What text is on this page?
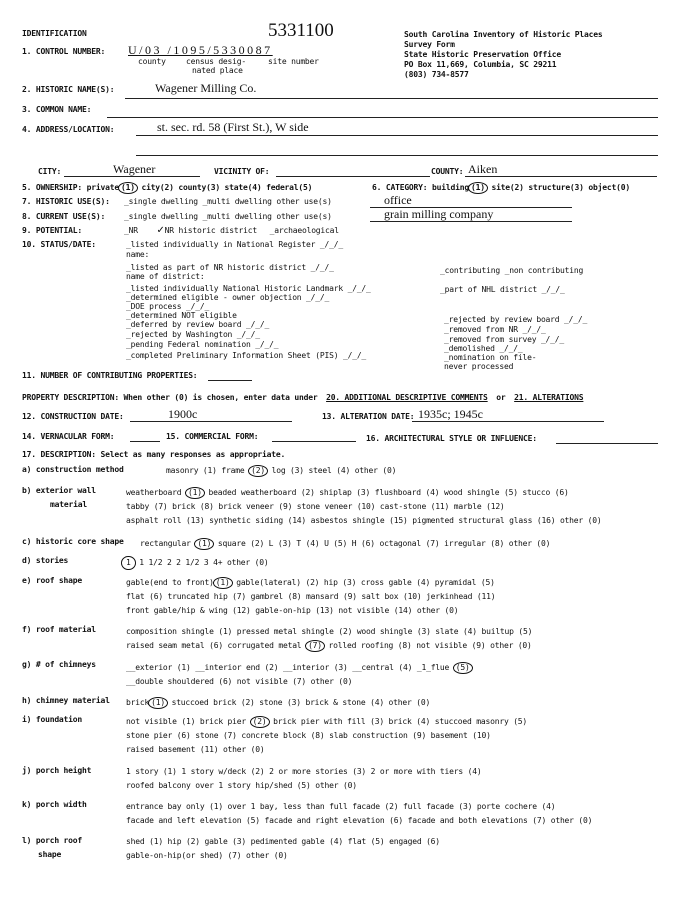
5331100
IDENTIFICATION	South Carolina Inventory of Historic Places
Survey Form
State Historic Preservation Office
PO Box 11,669, Columbia, SC 29211
(803) 734-8577
1. CONTROL NUMBER: U/03 /1095/5330087
county	census desig-
nated place
site number
2. HISTORIC NAME(S):	Wagener Milling Co.
3. COMMON NAME:
4. ADDRESS/LOCATION:	st. sec. rd. 58 (First St.), W side
CITY:	Wagener	VICINITY OF:	COUNTY: Aiken
5. OWNERSHIP: private (1) city(2) county(3) state(4) federal(5)	6. CATEGORY: building (1) site(2) structure(3) object(0)
7. HISTORIC USE(S): _single dwelling _multi dwelling other use(s)	office
8. CURRENT USE(S): _single dwelling _multi dwelling other use(s)	grain milling company
9. POTENTIAL:	_NR ✓NR historic district _archaeological
10. STATUS/DATE:	_listed individually in National Register _/_/_
name:
_listed as part of NR historic district _/_/_
name of district:
_listed individually National Historic Landmark _/_/_
_determined eligible - owner objection _/_/_
_DOE process _/_/_
_determined NOT eligible
_deferred by review board _/_/_
_rejected by Washington _/_/_
_pending Federal nomination _/_/_
_completed Preliminary Information Sheet (PIS) _/_/_
_contributing _non contributing
_part of NHL district _/_/_
_rejected by review board _/_/_
_removed from NR _/_/_
_removed from survey _/_/_
_demolished _/_/_
_nomination on file-
never processed
11. NUMBER OF CONTRIBUTING PROPERTIES:
PROPERTY DESCRIPTION: When other (0) is chosen, enter data under 20. ADDITIONAL DESCRIPTIVE COMMENTS or 21. ALTERATIONS
12. CONSTRUCTION DATE:	1900c	13. ALTERATION DATE: 1935c; 1945c
14. VERNACULAR FORM:	15. COMMERCIAL FORM:	16. ARCHITECTURAL STYLE OR INFLUENCE:
17. DESCRIPTION: Select as many responses as appropriate.
a) construction method	masonry (1) frame (2) log (3) steel (4) other (0)
b) exterior wall
material
weatherboard (1) beaded weatherboard (2) shiplap (3) flushboard (4) wood shingle (5) stucco (6)
tabby (7) brick (8) brick veneer (9) stone veneer (10) cast-stone (11) marble (12)
asphalt roll (13) synthetic siding (14) asbestos shingle (15) pigmented structural glass (16) other (0)
c) historic core shape rectangular (1) square (2) L (3) T (4) U (5) H (6) octagonal (7) irregular (8) other (0)
d) stories	1 1 1/2 2 2 1/2 3 4+ other (0)
e) roof shape	gable(end to front) (1) gable(lateral) (2) hip (3) cross gable (4) pyramidal (5)
flat (6) truncated hip (7) gambrel (8) mansard (9) salt box (10) jerkinhead (11)
front gable/hip & wing (12) gable-on-hip (13) not visible (14) other (0)
f) roof material	composition shingle (1) pressed metal shingle (2) wood shingle (3) slate (4) builtup (5)
raised seam metal (6) corrugated metal (7) rolled roofing (8) not visible (9) other (0)
g) # of chimneys	__exterior (1) __interior end (2) __interior (3) __central (4) _1_flue (5)
__double shouldered (6) not visible (7) other (0)
h) chimney material brick (1) stuccoed brick (2) stone (3) brick & stone (4) other (0)
i) foundation	not visible (1) brick pier (2) brick pier with fill (3) brick (4) stuccoed masonry (5)
stone pier (6) stone (7) concrete block (8) slab construction (9) basement (10)
raised basement (11) other (0)
j) porch height	1 story (1) 1 story w/deck (2) 2 or more stories (3) 2 or more with tiers (4)
roofed balcony over 1 story hip/shed (5) other (0)
k) porch width	entrance bay only (1) over 1 bay, less than full facade (2) full facade (3) porte cochere (4)
facade and left elevation (5) facade and right elevation (6) facade and both elevations (7) other (0)
l) porch roof
shape
shed (1) hip (2) gable (3) pedimented gable (4) flat (5) engaged (6)
gable-on-hip(or shed) (7) other (0)
